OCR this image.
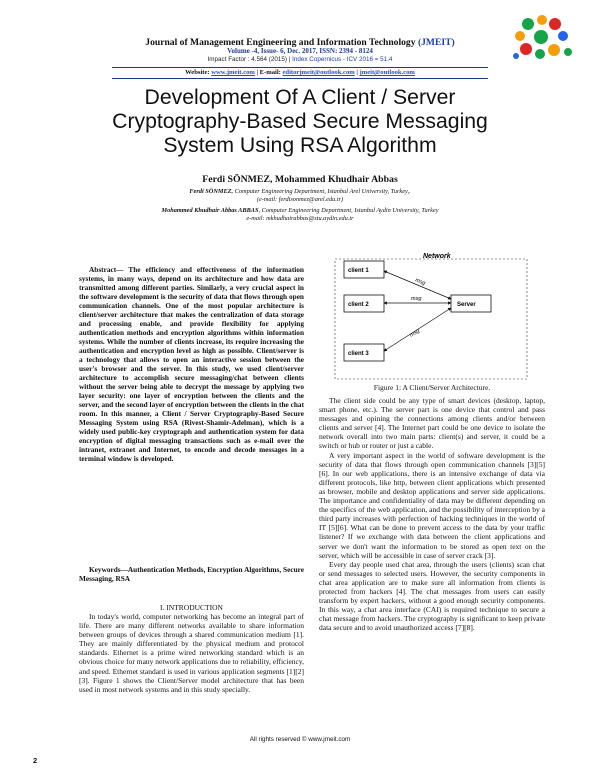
Journal of Management Engineering and Information Technology (JMEIT)
Volume -4, Issue- 6, Dec. 2017, ISSN: 2394 - 8124
Impact Factor : 4.564 (2015) | Index Copernicus - ICV 2016 = 51.4
Website: www.jmeit.com | E-mail: editorjmeit@outlook.com | jmeit@outlook.com
Development Of A Client / Server
Cryptography-Based Secure Messaging
System Using RSA Algorithm
Ferdi SÖNMEZ, Mohammed Khudhair Abbas
Ferdi SÖNMEZ, Computer Engineering Department, Istanbul Arel University, Turkey,.
(e-mail: ferdisonmez@arel.edu.tr)
Mohammed Khudhair Abbas ABBAS, Computer Engineering Department, Istanbul Aydin University, Turkey
e-mail: mkhudhairabbas@stu.aydin.edu.tr
Abstract— The efficiency and effectiveness of the information systems, in many ways, depend on its architecture and how data are transmitted among different parties. Similarly, a very crucial aspect in the software development is the security of data that flows through open communication channels. One of the most popular architecture is client/server architecture that makes the centralization of data storage and processing enable, and provide flexibility for applying authentication methods and encryption algorithms within information systems. While the number of clients increase, its require increasing the authentication and encryption level as high as possible. Client/server is a technology that allows to open an interactive session between the user's browser and the server. In this study, we used client/server architecture to accomplish secure messaging/chat between clients without the server being able to decrypt the message by applying two layer security: one layer of encryption between the clients and the server, and the second layer of encryption between the clients in the chat room. In this manner, a Client / Server Cryptography-Based Secure Messaging System using RSA (Rivest-Shamir-Adelman), which is a widely used public-key cryptograph and authentication system for data encryption of digital messaging transactions such as e-mail over the intranet, extranet and Internet, to encode and decode messages in a terminal window is developed.
Keywords—Authentication Methods, Encryption Algorithms, Secure Messaging, RSA
I. INTRODUCTION

In today's world, computer networking has become an integral part of life. There are many different networks available to share information between groups of devices through a shared communication medium [1]. They are mainly differentiated by the physical medium and protocol standards. Ethernet is a prime wired networking standard which is an obvious choice for many network applications due to reliability, efficiency, and speed. Ethernet standard is used in various application segments [1][2][3]. Figure 1 shows the Client/Server model architecture that has been used in most network systems and in this study specially.

Network
client 1
client 2
client 3
Server
msg
msg
msg
Figure 1: A Client/Server Architecture.

The client side could be any type of smart devices (desktop, laptop, smart phone, etc.). The server part is one device that control and pass messages and opining the connections among clients and/or between clients and server [4]. The Internet part could be one device to isolate the network overall into two main parts: client(s) and server, it could be a switch or hub or router or just a cable.

A very important aspect in the world of software development is the security of data that flows through open communication channels [3][5][6]. In our web applications, there is an intensive exchange of data via different protocols, like http, between client applications which presented as browser, mobile and desktop applications and server side applications. The importance and confidentiality of data may be different depending on the specifics of the web application, and the possibility of interception by a third party increases with perfection of hacking techniques in the world of IT [5][6]. What can be done to prevent access to the data by your traffic listener? If we exchange with data between the client applications and server we don't want the information to be stored as open text on the server, which will be accessible in case of server crack [3].

Every day people used chat area, through the users (clients) scan chat or send messages to selected users. However, the security components in chat area application are to make sure all information from clients is protected from hackers [4]. The chat messages from users can easily transform by expert hackers, without a good enough security components. In this way, a chat area interface (CAI) is required technique to secure a chat message from hackers. The cryptography is significant to keep private data secure and to avoid unauthorized access [7][8].

All rights reserved © www.jmeit.com
2
